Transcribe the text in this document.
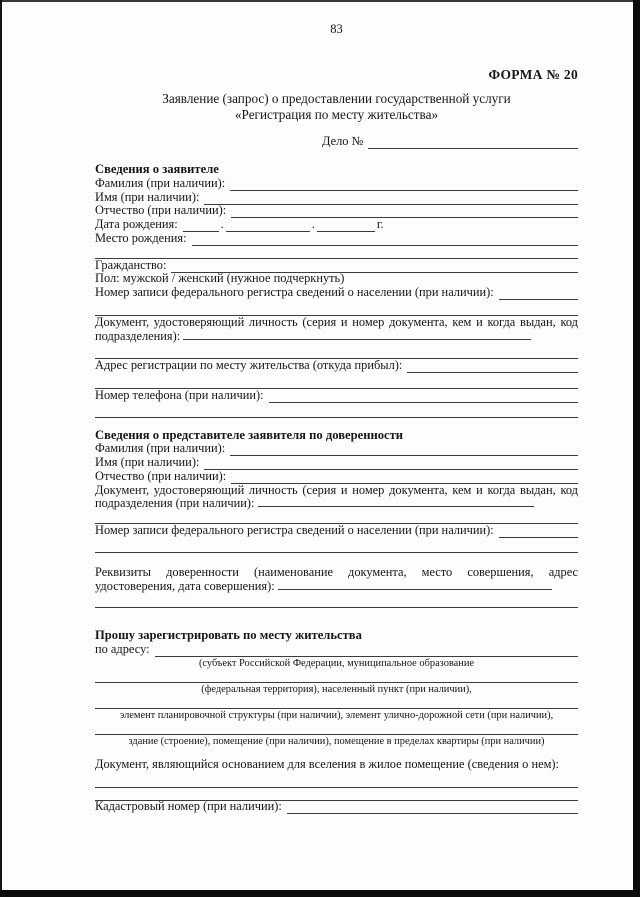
83
ФОРМА № 20
Заявление (запрос) о предоставлении государственной услуги
«Регистрация по месту жительства»
Дело №
Сведения о заявителе
Фамилия (при наличии):
Имя (при наличии):
Отчество (при наличии):
Дата рождения:	.	.	г.
Место рождения:
Гражданство:
Пол: мужской / женский (нужное подчеркнуть)
Номер записи федерального регистра сведений о населении (при наличии):

Документ, удостоверяющий личность (серия и номер документа, кем и когда выдан, код подразделения):

Адрес регистрации по месту жительства (откуда прибыл):
Номер телефона (при наличии):
Сведения о представителе заявителя по доверенности
Фамилия (при наличии):
Имя (при наличии):
Отчество (при наличии):

Документ, удостоверяющий личность (серия и номер документа, кем и когда выдан, код подразделения (при наличии):

Номер записи федерального регистра сведений о населении (при наличии):

Реквизиты доверенности (наименование документа, место совершения, адрес удостоверения, дата совершения):

Прошу зарегистрировать по месту жительства
по адресу:
(субъект Российской Федерации, муниципальное образование
(федеральная территория), населенный пункт (при наличии),
элемент планировочной структуры (при наличии), элемент улично-дорожной сети (при наличии),
здание (строение), помещение (при наличии), помещение в пределах квартиры (при наличии)

Документ, являющийся основанием для вселения в жилое помещение (сведения о нем):

Кадастровый номер (при наличии):
